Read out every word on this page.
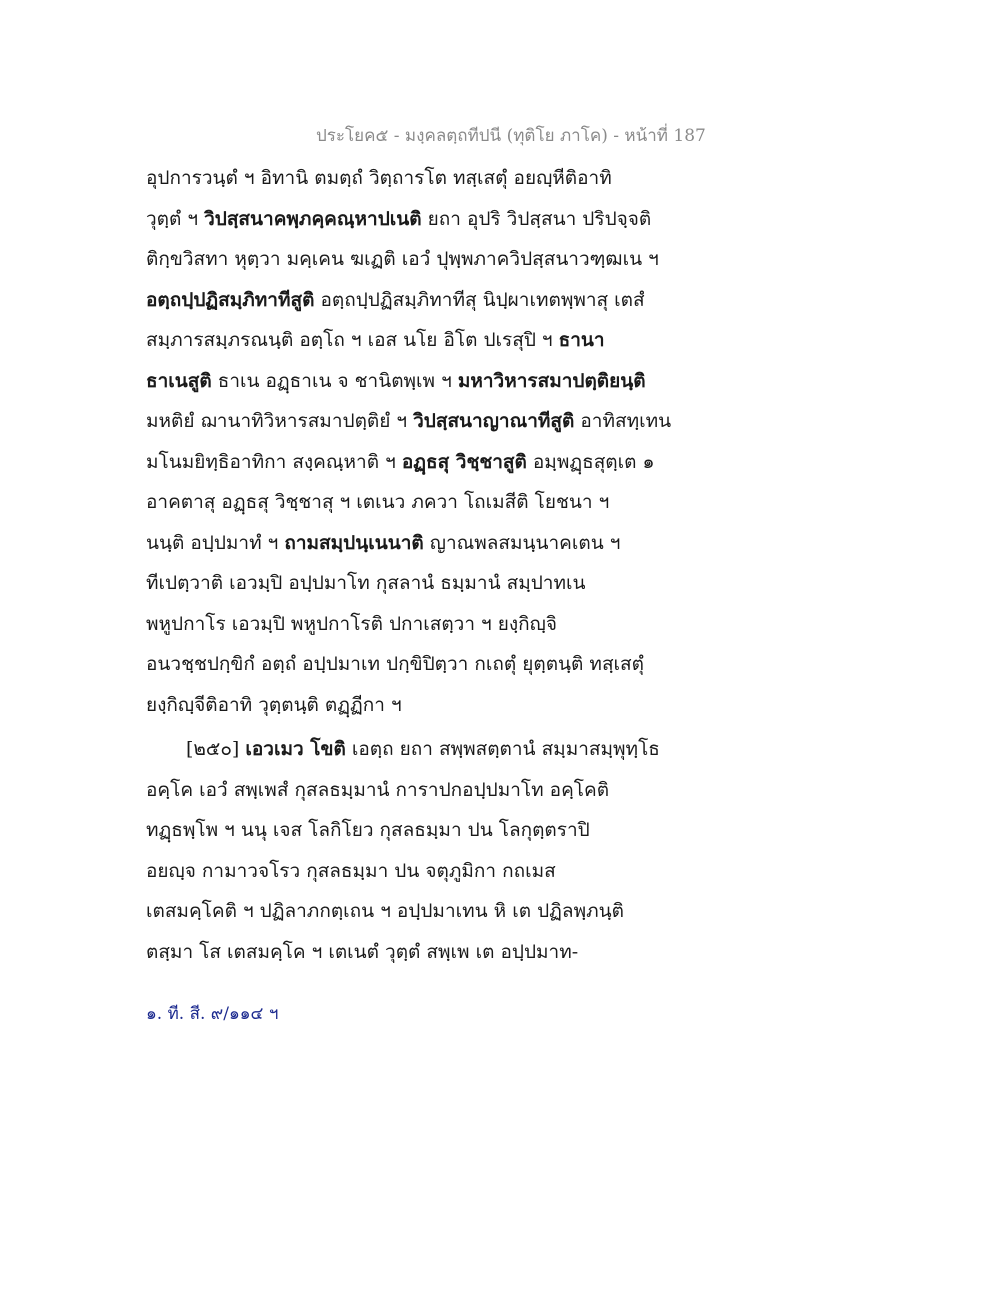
ประโยค๕ - มงฺคลตฺถทีปนี (ทุติโย ภาโค) - หน้าที่ 187
อุปการวนฺตํ ฯ อิทานิ ตมตฺถํ วิตฺถารโต ทสฺเสตุํ อยญฺหีติอาทิ
วุตฺตํ ฯ วิปสฺสนาคพฺภคฺคณฺหาปเนติ ยถา อุปริ วิปสฺสนา ปริปจฺจติ
ติกฺขวิสทา หุตฺวา มคฺเคน ฆเฏติ เอวํ ปุพฺพภาควิปสฺสนาวฑฺฒเน ฯ
อตฺถปฺปฏิสมฺภิทาทีสูติ อตฺถปฺปฏิสมฺภิทาทีสุ นิปฺผาเทตพฺพาสุ เตสํ
สมฺภารสมฺภรณนฺติ อตฺโถ ฯ เอส นโย อิโต ปเรสุปิ ฯ ธานา
ธาเนสูติ ธาเน อฏฺธาเน จ ชานิตพฺเพ ฯ มหาวิหารสมาปตฺติยนฺติ
มหติยํ ฌานาทิวิหารสมาปตฺติยํ ฯ วิปสฺสนาญาณาทีสูติ อาทิสทฺเทน
มโนมยิทฺธิอาทิกา สงฺคณฺหาติ ฯ อฏฺธสุ วิชฺชาสูติ อมฺพฏฺธสุตฺเต ๑
อาคตาสุ อฏฺธสุ วิชฺชาสุ ฯ เตเนว ภควา โถเมสีติ โยชนา ฯ
นนฺติ อปฺปมาทํ ฯ ถามสมฺปนฺเนนาติ ญาณพลสมนฺนาคเตน ฯ
ทีเปตฺวาติ เอวมฺปิ อปฺปมาโท กุสลานํ ธมฺมานํ สมฺปาทเน
พหูปกาโร เอวมฺปิ พหูปกาโรติ ปกาเสตฺวา ฯ ยงฺกิญฺจิ
อนวชฺชปกฺขิกํ อตฺถํ อปฺปมาเท ปกฺขิปิตฺวา กเถตุํ ยุตฺตนฺติ ทสฺเสตุํ
ยงฺกิญฺจีติอาทิ วุตฺตนฺติ ตฏฺฏีกา ฯ
[๒๕๐] เอวเมว โขติ เอตฺถ ยถา สพฺพสตฺตานํ สมฺมาสมฺพุทฺโธ
อคฺโค เอวํ สพฺเพสํ กุสลธมฺมานํ การาปกอปฺปมาโท อคฺโคติ
ทฏฺธพฺโพ ฯ นนุ เจส โลกิโยว กุสลธมฺมา ปน โลกุตฺตราปิ
อยญฺจ กามาวจโรว กุสลธมฺมา ปน จตุภูมิกา กถเมส
เตสมคฺโคติ ฯ ปฏิลาภกตฺเถน ฯ อปฺปมาเทน หิ เต ปฏิลพฺภนฺติ
ตสฺมา โส เตสมคฺโค ฯ เตเนตํ วุตฺตํ สพฺเพ เต อปฺปมาท-
๑. ที. สี. ๙/๑๑๔ ฯ
